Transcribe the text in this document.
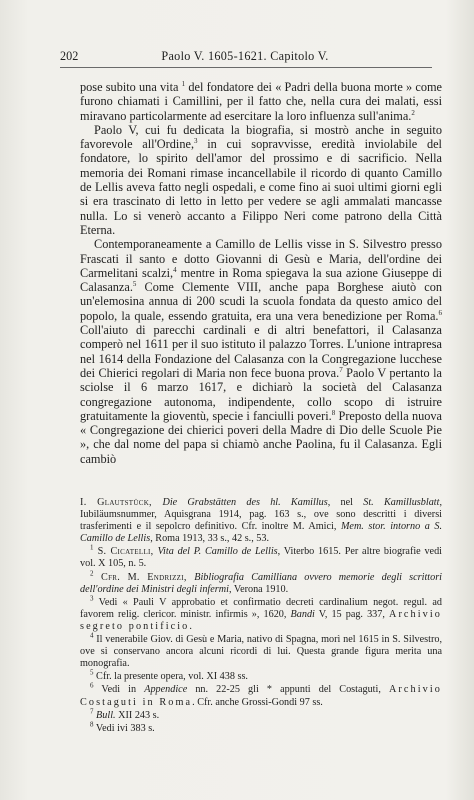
202	Paolo V. 1605-1621. Capitolo V.

pose subito una vita $^1$ del fondatore dei « Padri della buona morte » come furono chiamati i Camillini, per il fatto che, nella cura dei malati, essi miravano particolarmente ad esercitare la loro influenza sull'anima.$^2$

Paolo V, cui fu dedicata la biografia, si mostrò anche in seguito favorevole all'Ordine,$^3$ in cui sopravvisse, eredità inviolabile del fondatore, lo spirito dell'amor del prossimo e di sacrificio. Nella memoria dei Romani rimase incancellabile il ricordo di quanto Camillo de Lellis aveva fatto negli ospedali, e come fino ai suoi ultimi giorni egli si era trascinato di letto in letto per vedere se agli ammalati mancasse nulla. Lo si venerò accanto a Filippo Neri come patrono della Città Eterna.

Contemporaneamente a Camillo de Lellis visse in S. Silvestro presso Frascati il santo e dotto Giovanni di Gesù e Maria, dell'ordine dei Carmelitani scalzi,$^4$ mentre in Roma spiegava la sua azione Giuseppe di Calasanza.$^5$ Come Clemente VIII, anche papa Borghese aiutò con un'elemosina annua di 200 scudi la scuola fondata da questo amico del popolo, la quale, essendo gratuita, era una vera benedizione per Roma.$^6$ Coll'aiuto di parecchi cardinali e di altri benefattori, il Calasanza comperò nel 1611 per il suo istituto il palazzo Torres. L'unione intrapresa nel 1614 della Fondazione del Calasanza con la Congregazione lucchese dei Chierici regolari di Maria non fece buona prova.$^7$ Paolo V pertanto la sciolse il 6 marzo 1617, e dichiarò la società del Calasanza congregazione autonoma, indipendente, collo scopo di istruire gratuitamente la gioventù, specie i fanciulli poveri.$^8$ Preposto della nuova « Congregazione dei chierici poveri della Madre di Dio delle Scuole Pie », che dal nome del papa si chiamò anche Paolina, fu il Calasanza. Egli cambiò

I. Glautstück, Die Grabstätten des hl. Kamillus, nel St. Kamillusblatt, Iubiläumsnummer, Aquisgrana 1914, pag. 163 s., ove sono descritti i diversi trasferimenti e il sepolcro definitivo. Cfr. inoltre M. Amici, Mem. stor. intorno a S. Camillo de Lellis, Roma 1913, 33 s., 42 s., 53.

$^1$ S. Cicatelli, Vita del P. Camillo de Lellis, Viterbo 1615. Per altre biografie vedi vol. X 105, n. 5.

$^2$ Cfr. M. Endrizzi, Bibliografia Camilliana ovvero memorie degli scrittori dell'ordine dei Ministri degli infermi, Verona 1910.

$^3$ Vedi « Pauli V approbatio et confirmatio decreti cardinalium negot. regul. ad favorem relig. clericor. ministr. infirmis », 1620, Bandi V, 15 pag. 337, Archivio segreto pontificio.

$^4$ Il venerabile Giov. di Gesù e Maria, nativo di Spagna, morì nel 1615 in S. Silvestro, ove si conservano ancora alcuni ricordi di lui. Questa grande figura merita una monografia.

$^5$ Cfr. la presente opera, vol. XI 438 ss.

$^6$ Vedi in Appendice nn. 22-25 gli * appunti del Costaguti, Archivio Costaguti in Roma. Cfr. anche Grossi-Gondi 97 ss.

$^7$ Bull. XII 243 s.

$^8$ Vedi ivi 383 s.
